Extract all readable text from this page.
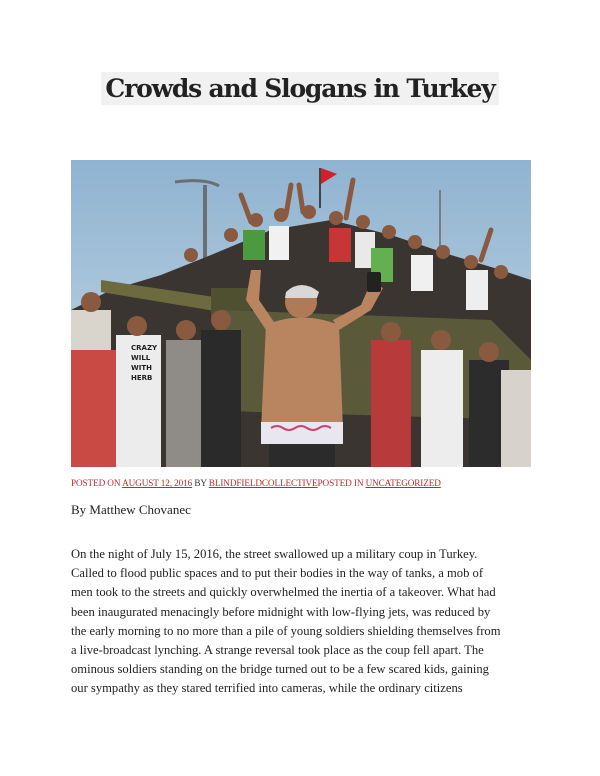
Crowds and Slogans in Turkey
CRAZY
WILL
WITH
HERB
POSTED ON AUGUST 12, 2016 BY BLINDFIELDCOLLECTIVEPOSTED IN UNCATEGORIZED
By Matthew Chovanec
On the night of July 15, 2016, the street swallowed up a military coup in Turkey.
Called to flood public spaces and to put their bodies in the way of tanks, a mob of
men took to the streets and quickly overwhelmed the inertia of a takeover. What had
been inaugurated menacingly before midnight with low-flying jets, was reduced by
the early morning to no more than a pile of young soldiers shielding themselves from
a live-broadcast lynching. A strange reversal took place as the coup fell apart. The
ominous soldiers standing on the bridge turned out to be a few scared kids, gaining
our sympathy as they stared terrified into cameras, while the ordinary citizens
